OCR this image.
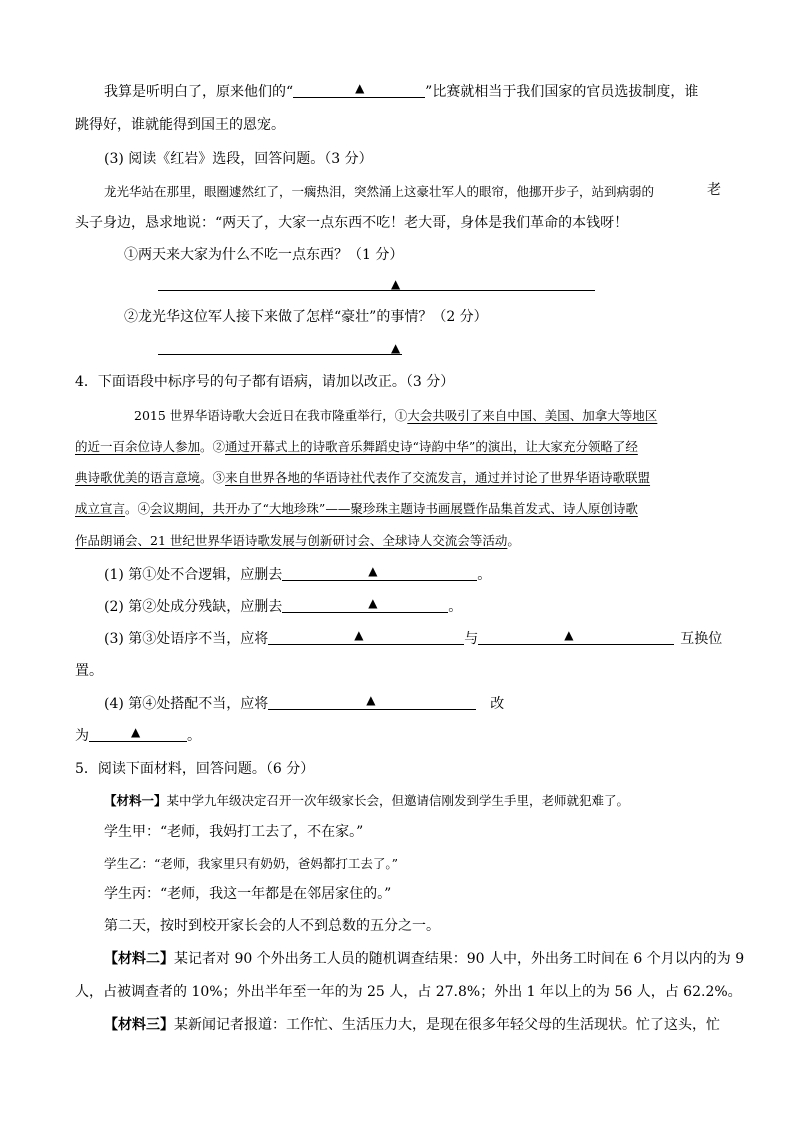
我算是听明白了，原来他们的“	▲	”比赛就相当于我们国家的官员选拔制度，谁
跳得好，谁就能得到国王的恩宠。
(3) 阅读《红岩》选段，回答问题。（3 分）
龙光华站在那里，眼圈遽然红了，一瘸热泪，突然涌上这豪壮军人的眼帘，他挪开步子，站到病弱的	老
头子身边，恳求地说：“两天了，大家一点东西不吃！老大哥，身体是我们革命的本钱呀！
①两天来大家为什么不吃一点东西？（1 分）
▲
②龙光华这位军人接下来做了怎样“豪壮”的事情？（2 分）
▲
4．下面语段中标序号的句子都有语病，请加以改正。（3 分）
2015 世界华语诗歌大会近日在我市隆重举行，①大会共吸引了来自中国、美国、加拿大等地区
的近一百余位诗人参加。②通过开幕式上的诗歌音乐舞蹈史诗“诗韵中华”的演出，让大家充分领略了经
典诗歌优美的语言意境。③来自世界各地的华语诗社代表作了交流发言，通过并讨论了世界华语诗歌联盟
成立宣言。④会议期间，共开办了“大地珍珠”——聚珍珠主题诗书画展暨作品集首发式、诗人原创诗歌
作品朗诵会、21 世纪世界华语诗歌发展与创新研讨会、全球诗人交流会等活动。
(1) 第①处不合逻辑，应删去	▲	。
(2) 第②处成分残缺，应删去	▲	。
(3) 第③处语序不当，应将	▲	与	▲	互换位
置。
(4) 第④处搭配不当，应将	▲	改
为	▲	。
5．阅读下面材料，回答问题。（6 分）
【材料一】某中学九年级决定召开一次年级家长会，但邀请信刚发到学生手里，老师就犯难了。
学生甲：“老师，我妈打工去了，不在家。”
学生乙：“老师，我家里只有奶奶，爸妈都打工去了。”
学生丙：“老师，我这一年都是在邻居家住的。”
第二天，按时到校开家长会的人不到总数的五分之一。
【材料二】某记者对 90 个外出务工人员的随机调查结果：90 人中，外出务工时间在 6 个月以内的为 9
人，占被调查者的 10%；外出半年至一年的为 25 人，占 27.8%；外出 1 年以上的为 56 人，占 62.2%。
【材料三】某新闻记者报道：工作忙、生活压力大，是现在很多年轻父母的生活现状。忙了这头，忙
